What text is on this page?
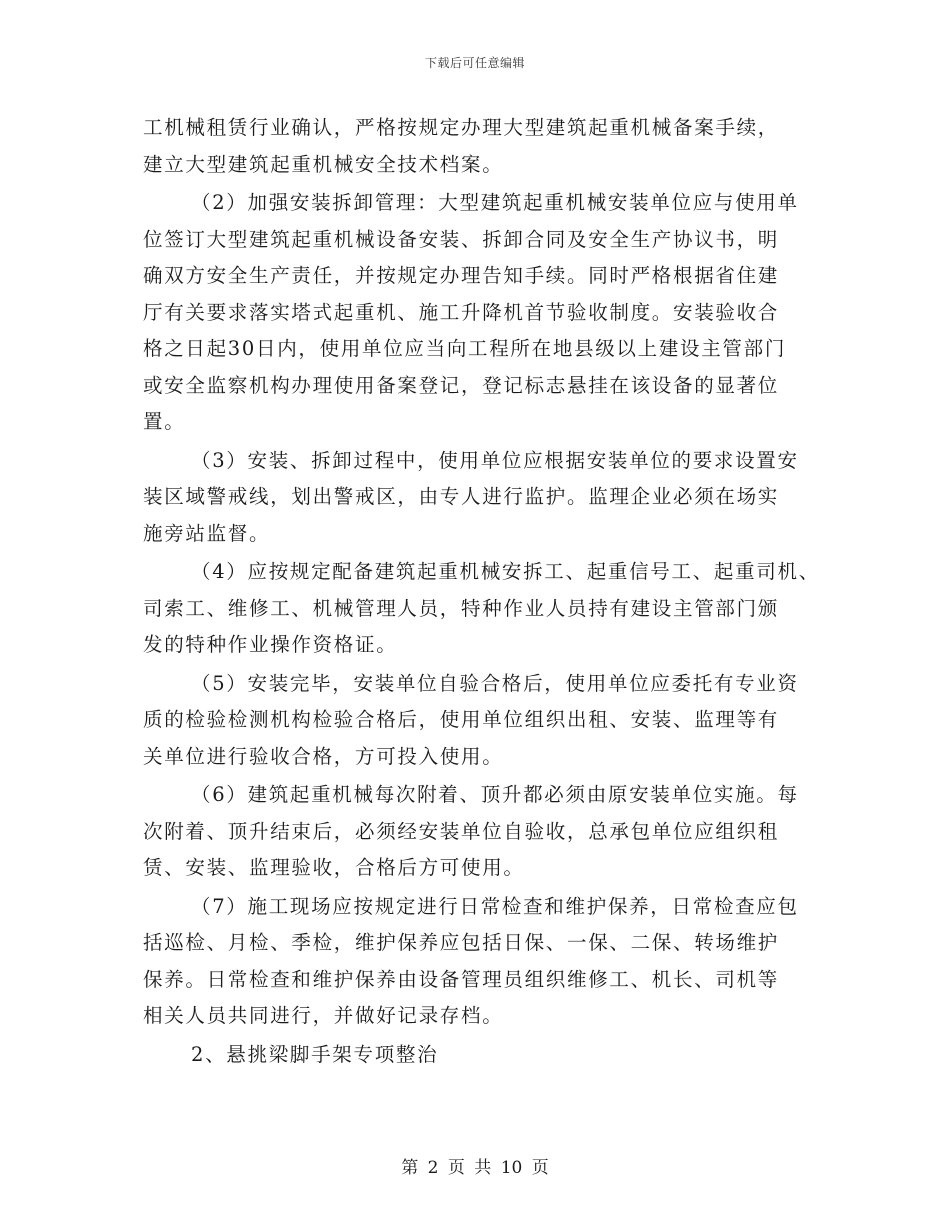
下载后可任意编辑
工机械租赁行业确认，严格按规定办理大型建筑起重机械备案手续，
建立大型建筑起重机械安全技术档案。
（2）加强安装拆卸管理：大型建筑起重机械安装单位应与使用单
位签订大型建筑起重机械设备安装、拆卸合同及安全生产协议书，明
确双方安全生产责任，并按规定办理告知手续。同时严格根据省住建
厅有关要求落实塔式起重机、施工升降机首节验收制度。安装验收合
格之日起30日内，使用单位应当向工程所在地县级以上建设主管部门
或安全监察机构办理使用备案登记，登记标志悬挂在该设备的显著位
置。
（3）安装、拆卸过程中，使用单位应根据安装单位的要求设置安
装区域警戒线，划出警戒区，由专人进行监护。监理企业必须在场实
施旁站监督。
（4）应按规定配备建筑起重机械安拆工、起重信号工、起重司机、
司索工、维修工、机械管理人员，特种作业人员持有建设主管部门颁
发的特种作业操作资格证。
（5）安装完毕，安装单位自验合格后，使用单位应委托有专业资
质的检验检测机构检验合格后，使用单位组织出租、安装、监理等有
关单位进行验收合格，方可投入使用。
（6）建筑起重机械每次附着、顶升都必须由原安装单位实施。每
次附着、顶升结束后，必须经安装单位自验收，总承包单位应组织租
赁、安装、监理验收，合格后方可使用。
（7）施工现场应按规定进行日常检查和维护保养，日常检查应包
括巡检、月检、季检，维护保养应包括日保、一保、二保、转场维护
保养。日常检查和维护保养由设备管理员组织维修工、机长、司机等
相关人员共同进行，并做好记录存档。
2、悬挑梁脚手架专项整治
第 2 页 共 10 页
